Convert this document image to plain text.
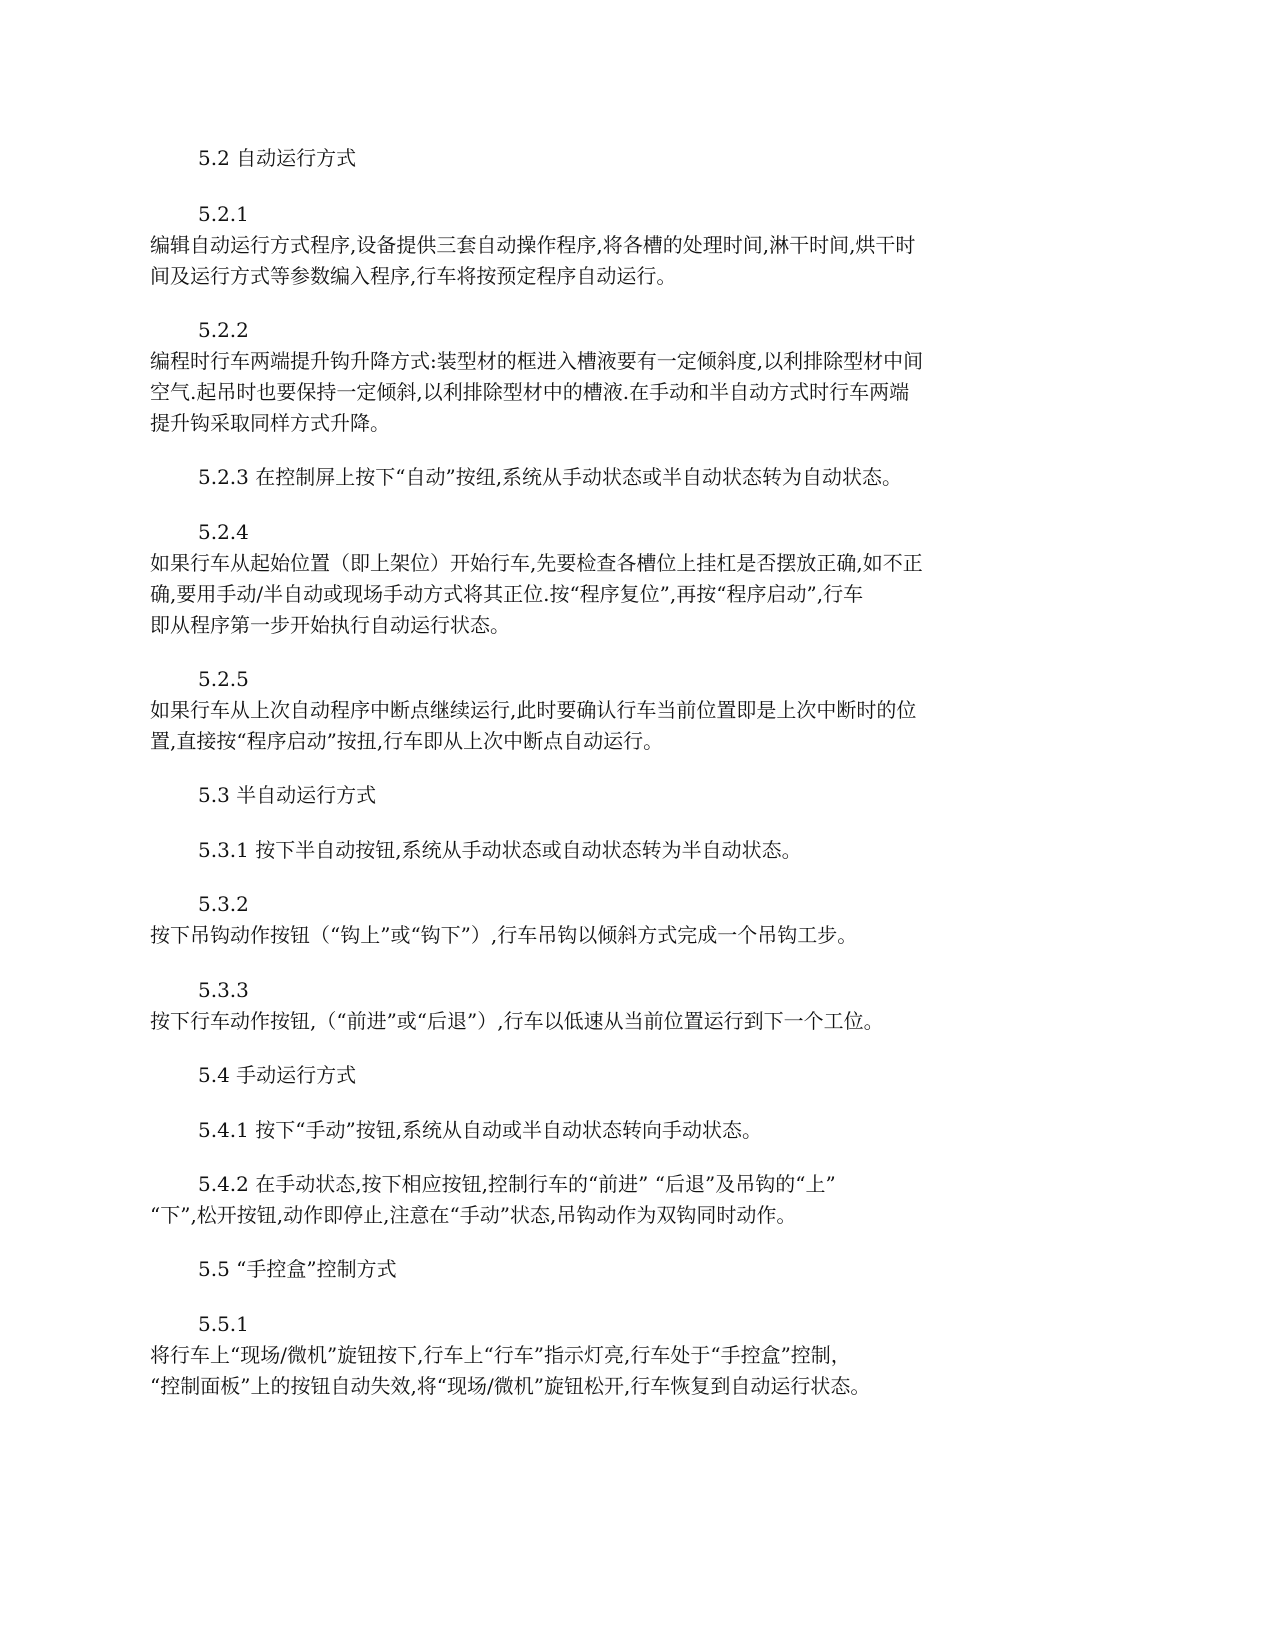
5.2 自动运行方式
5.2.1
编辑自动运行方式程序,设备提供三套自动操作程序,将各槽的处理时间,淋干时间,烘干时
间及运行方式等参数编入程序,行车将按预定程序自动运行。
5.2.2
编程时行车两端提升钩升降方式:装型材的框进入槽液要有一定倾斜度,以利排除型材中间
空气.起吊时也要保持一定倾斜,以利排除型材中的槽液.在手动和半自动方式时行车两端
提升钩采取同样方式升降。
5.2.3 在控制屏上按下“自动”按纽,系统从手动状态或半自动状态转为自动状态。
5.2.4
如果行车从起始位置（即上架位）开始行车,先要检查各槽位上挂杠是否摆放正确,如不正
确,要用手动/半自动或现场手动方式将其正位.按“程序复位”,再按“程序启动”,行车
即从程序第一步开始执行自动运行状态。
5.2.5
如果行车从上次自动程序中断点继续运行,此时要确认行车当前位置即是上次中断时的位
置,直接按“程序启动”按扭,行车即从上次中断点自动运行。
5.3 半自动运行方式
5.3.1 按下半自动按钮,系统从手动状态或自动状态转为半自动状态。
5.3.2
按下吊钩动作按钮（“钩上”或“钩下”）,行车吊钩以倾斜方式完成一个吊钩工步。
5.3.3
按下行车动作按钮,（“前进”或“后退”）,行车以低速从当前位置运行到下一个工位。
5.4 手动运行方式
5.4.1 按下“手动”按钮,系统从自动或半自动状态转向手动状态。
5.4.2 在手动状态,按下相应按钮,控制行车的“前进” “后退”及吊钩的“上”
“下”,松开按钮,动作即停止,注意在“手动”状态,吊钩动作为双钩同时动作。
5.5 “手控盒”控制方式
5.5.1
将行车上“现场/微机”旋钮按下,行车上“行车”指示灯亮,行车处于“手控盒”控制，
“控制面板”上的按钮自动失效,将“现场/微机”旋钮松开,行车恢复到自动运行状态。
